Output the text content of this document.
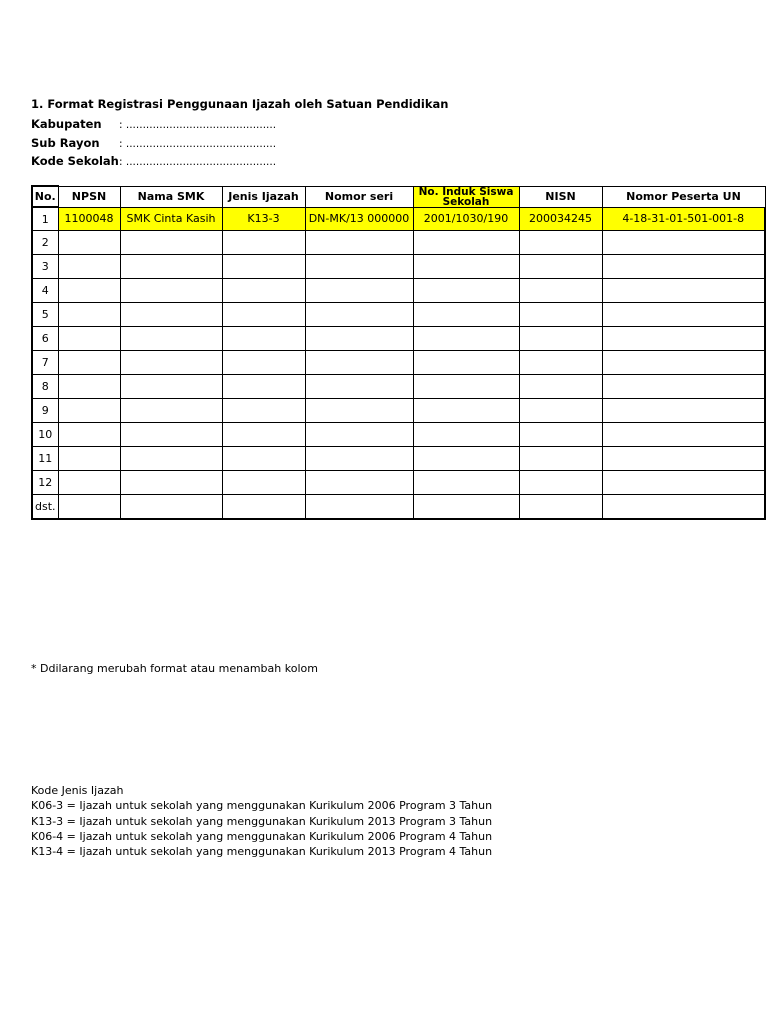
1. Format Registrasi Penggunaan Ijazah oleh Satuan Pendidikan
Kabupaten : .............................................
Sub Rayon : .............................................
Kode Sekolah: .............................................
No.	NPSN	Nama SMK	Jenis Ijazah	Nomor seri	No. Induk Siswa Sekolah	NISN	Nomor Peserta UN
1	1100048	SMK Cinta Kasih	K13-3	DN-MK/13 000000	2001/1030/190	200034245	4-18-31-01-501-001-8
2							
3							
4							
5							
6							
7							
8							
9							
10							
11							
12							
dst.							
* Ddilarang merubah format atau menambah kolom
Kode Jenis Ijazah
K06-3 = Ijazah untuk sekolah yang menggunakan Kurikulum 2006 Program 3 Tahun
K13-3 = Ijazah untuk sekolah yang menggunakan Kurikulum 2013 Program 3 Tahun
K06-4 = Ijazah untuk sekolah yang menggunakan Kurikulum 2006 Program 4 Tahun
K13-4 = Ijazah untuk sekolah yang menggunakan Kurikulum 2013 Program 4 Tahun
